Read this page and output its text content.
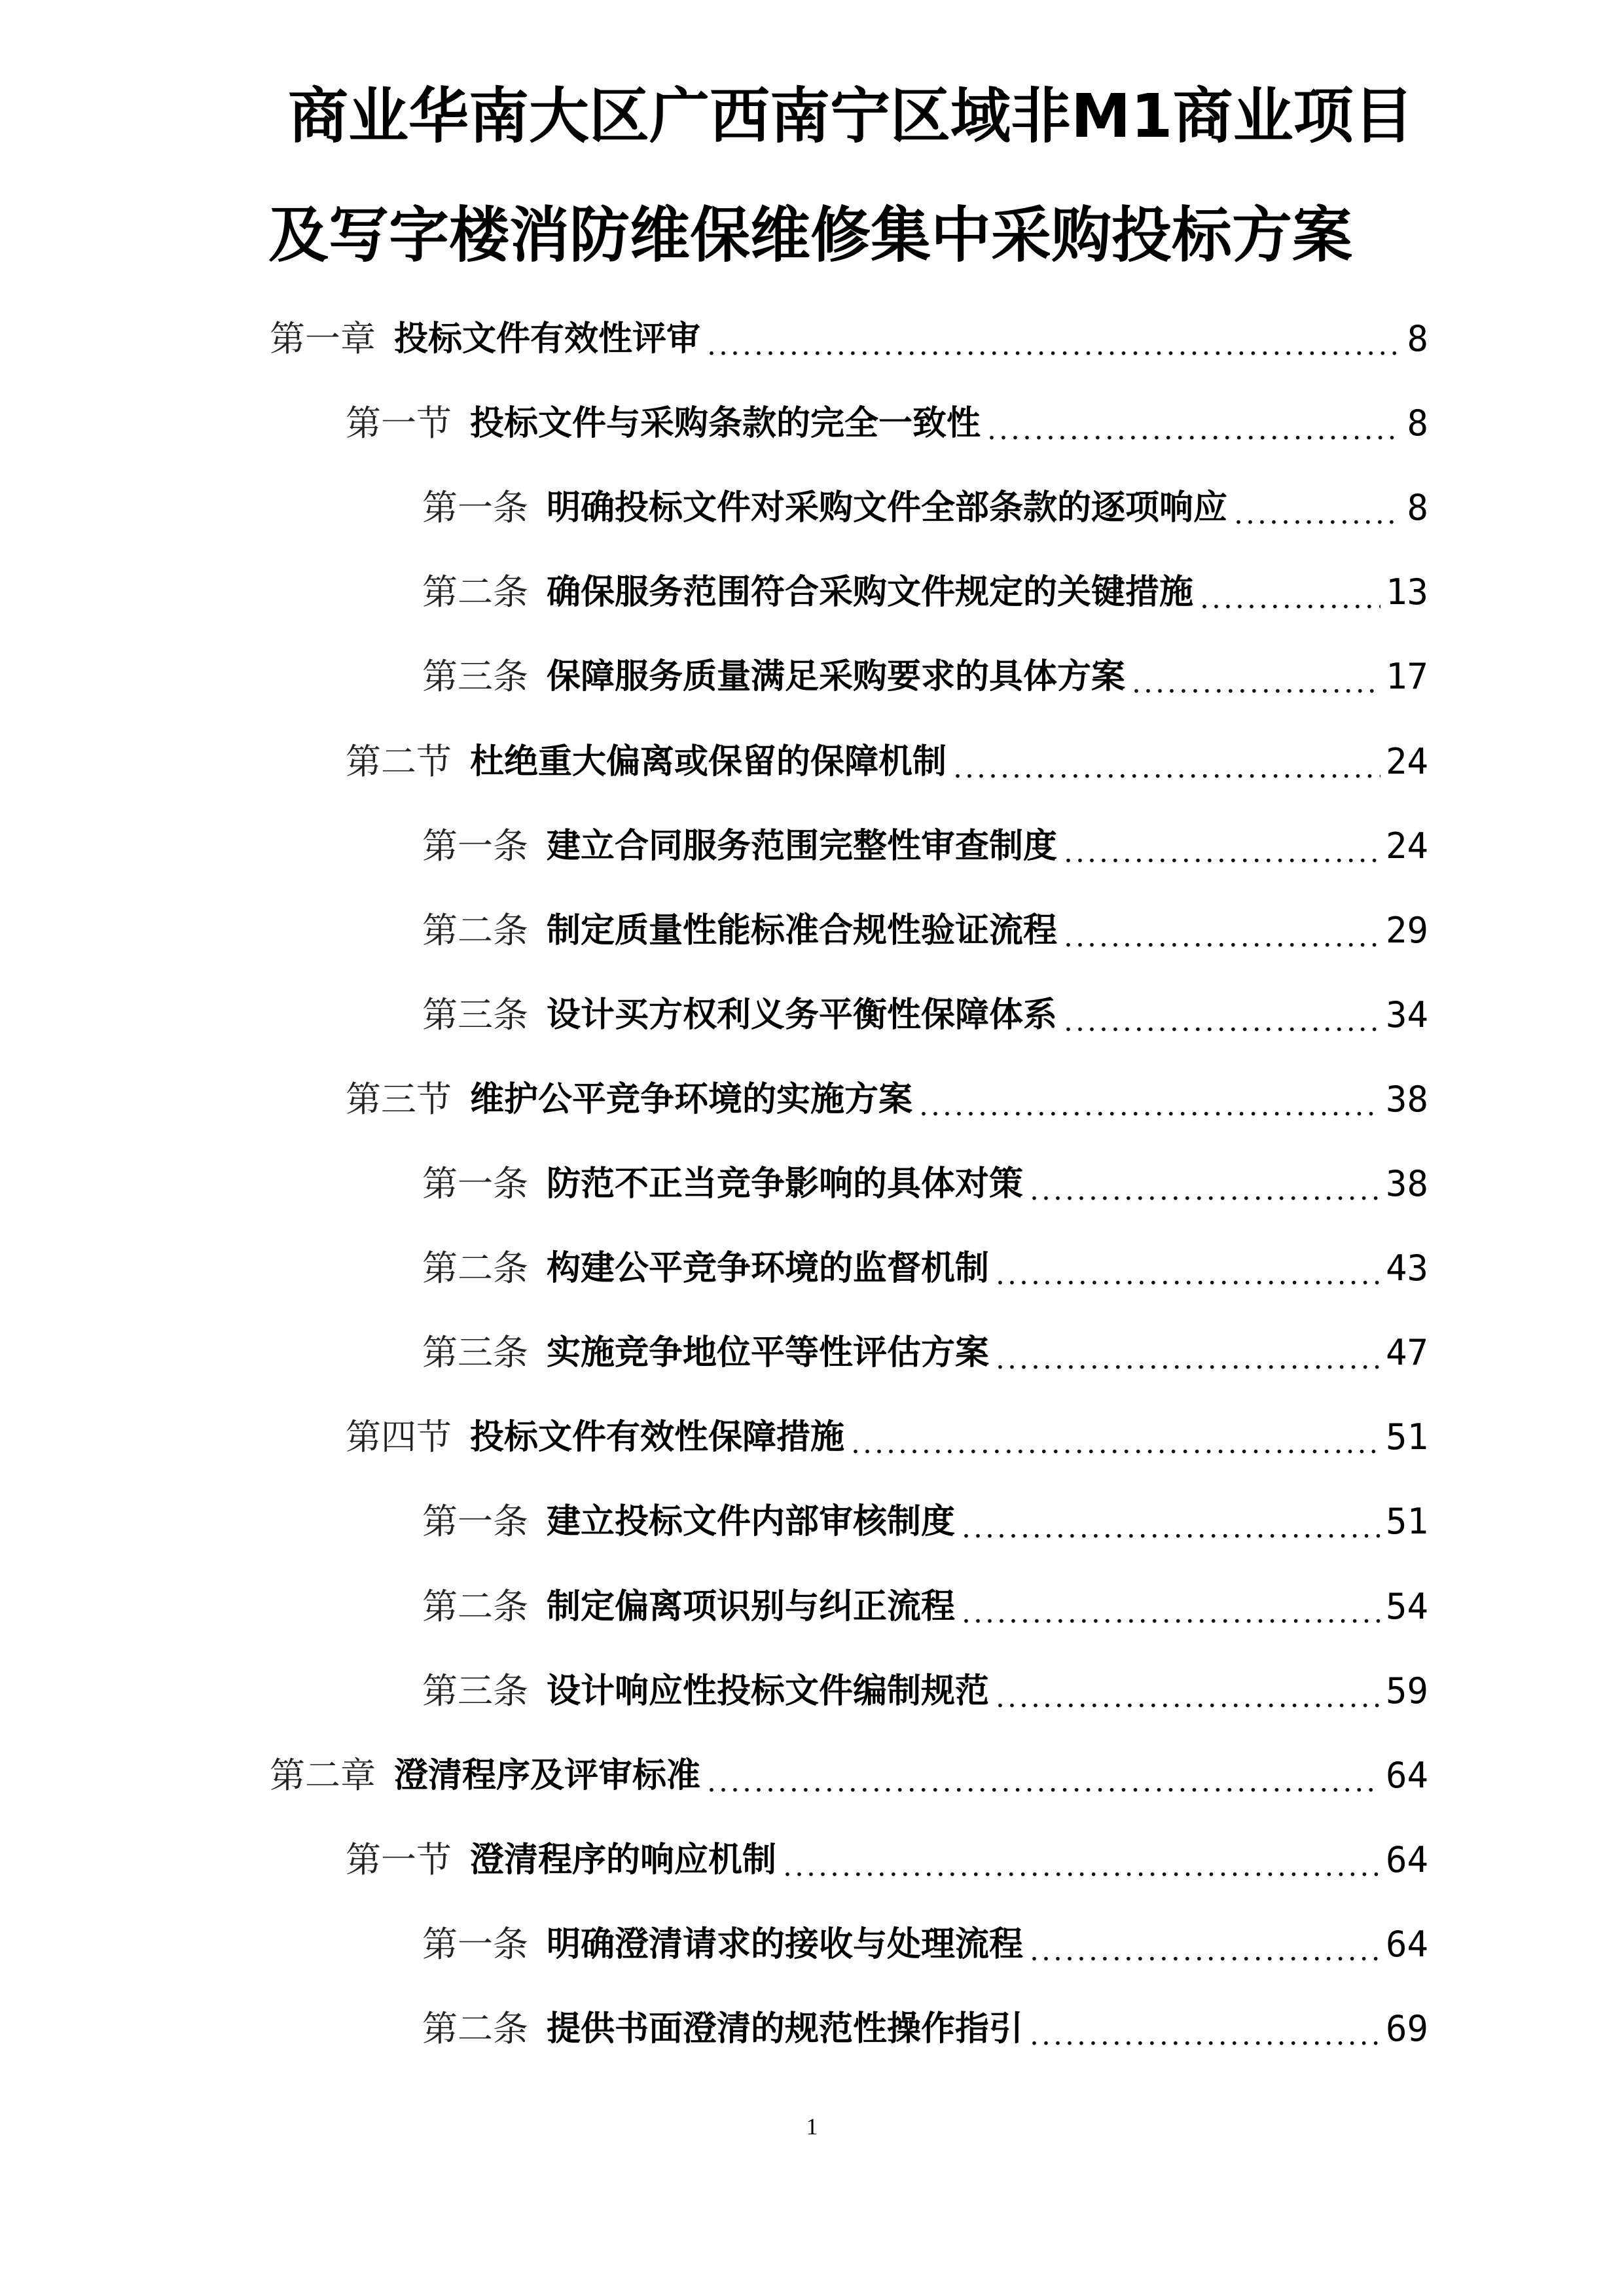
商业华南大区广西南宁区域非M1商业项目
及写字楼消防维保维修集中采购投标方案
第一章 投标文件有效性评审 .....	8
第一节 投标文件与采购条款的完全一致性 .....	8
第一条 明确投标文件对采购文件全部条款的逐项响应 .....	8
第二条 确保服务范围符合采购文件规定的关键措施 .....	13
第三条 保障服务质量满足采购要求的具体方案 .....	17
第二节 杜绝重大偏离或保留的保障机制 .....	24
第一条 建立合同服务范围完整性审查制度 .....	24
第二条 制定质量性能标准合规性验证流程 .....	29
第三条 设计买方权利义务平衡性保障体系 .....	34
第三节 维护公平竞争环境的实施方案 .....	38
第一条 防范不正当竞争影响的具体对策 .....	38
第二条 构建公平竞争环境的监督机制 .....	43
第三条 实施竞争地位平等性评估方案 .....	47
第四节 投标文件有效性保障措施 .....	51
第一条 建立投标文件内部审核制度 .....	51
第二条 制定偏离项识别与纠正流程 .....	54
第三条 设计响应性投标文件编制规范 .....	59
第二章 澄清程序及评审标准 .....	64
第一节 澄清程序的响应机制 .....	64
第一条 明确澄清请求的接收与处理流程 .....	64
第二条 提供书面澄清的规范性操作指引 .....	69
1
